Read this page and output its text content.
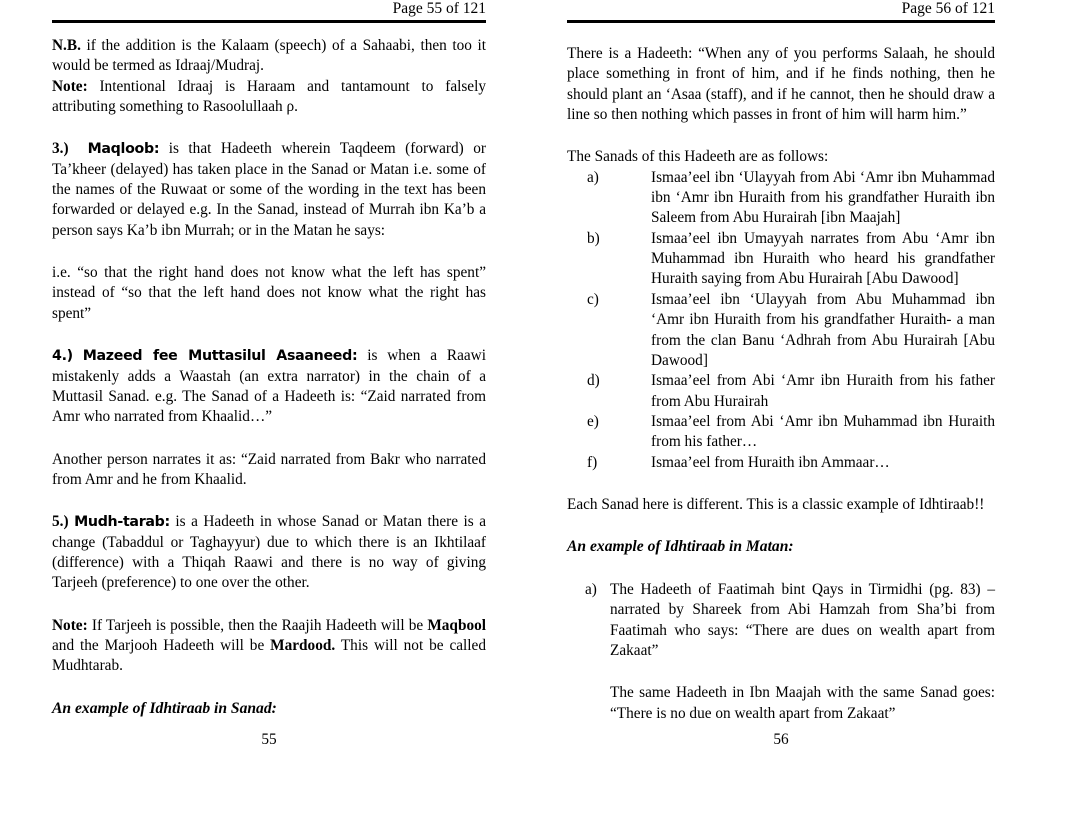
Page 55 of 121

N.B. if the addition is the Kalaam (speech) of a Sahaabi, then too it would be termed as Idraaj/Mudraj.

Note: Intentional Idraaj is Haraam and tantamount to falsely attributing something to Rasoolullaah ρ.

3.) Maqloob: is that Hadeeth wherein Taqdeem (forward) or Ta’kheer (delayed) has taken place in the Sanad or Matan i.e. some of the names of the Ruwaat or some of the wording in the text has been forwarded or delayed e.g. In the Sanad, instead of Murrah ibn Ka’b a person says Ka’b ibn Murrah; or in the Matan he says:

i.e. “so that the right hand does not know what the left has spent” instead of “so that the left hand does not know what the right has spent”

4.) Mazeed fee Muttasilul Asaaneed: is when a Raawi mistakenly adds a Waastah (an extra narrator) in the chain of a Muttasil Sanad. e.g. The Sanad of a Hadeeth is: “Zaid narrated from Amr who narrated from Khaalid…”

Another person narrates it as: “Zaid narrated from Bakr who narrated from Amr and he from Khaalid.

5.) Mudh-tarab: is a Hadeeth in whose Sanad or Matan there is a change (Tabaddul or Taghayyur) due to which there is an Ikhtilaaf (difference) with a Thiqah Raawi and there is no way of giving Tarjeeh (preference) to one over the other.

Note: If Tarjeeh is possible, then the Raajih Hadeeth will be Maqbool and the Marjooh Hadeeth will be Mardood. This will not be called Mudhtarab.

An example of Idhtiraab in Sanad:

55
Page 56 of 121

There is a Hadeeth: “When any of you performs Salaah, he should place something in front of him, and if he finds nothing, then he should plant an ‘Asaa (staff), and if he cannot, then he should draw a line so then nothing which passes in front of him will harm him.”

The Sanads of this Hadeeth are as follows:

a)	Ismaa’eel ibn ‘Ulayyah from Abi ‘Amr ibn Muhammad ibn ‘Amr ibn Huraith from his grandfather Huraith ibn Saleem from Abu Hurairah [ibn Maajah]
b)	Ismaa’eel ibn Umayyah narrates from Abu ‘Amr ibn Muhammad ibn Huraith who heard his grandfather Huraith saying from Abu Hurairah [Abu Dawood]
c)	Ismaa’eel ibn ‘Ulayyah from Abu Muhammad ibn ‘Amr ibn Huraith from his grandfather Huraith- a man from the clan Banu ‘Adhrah from Abu Hurairah [Abu Dawood]
d)	Ismaa’eel from Abi ‘Amr ibn Huraith from his father from Abu Hurairah
e)	Ismaa’eel from Abi ‘Amr ibn Muhammad ibn Huraith from his father…
f)	Ismaa’eel from Huraith ibn Ammaar…

Each Sanad here is different. This is a classic example of Idhtiraab!!

An example of Idhtiraab in Matan:

a) The Hadeeth of Faatimah bint Qays in Tirmidhi (pg. 83) – narrated by Shareek from Abi Hamzah from Sha’bi from Faatimah who says: “There are dues on wealth apart from Zakaat”

The same Hadeeth in Ibn Maajah with the same Sanad goes: “There is no due on wealth apart from Zakaat”

56
